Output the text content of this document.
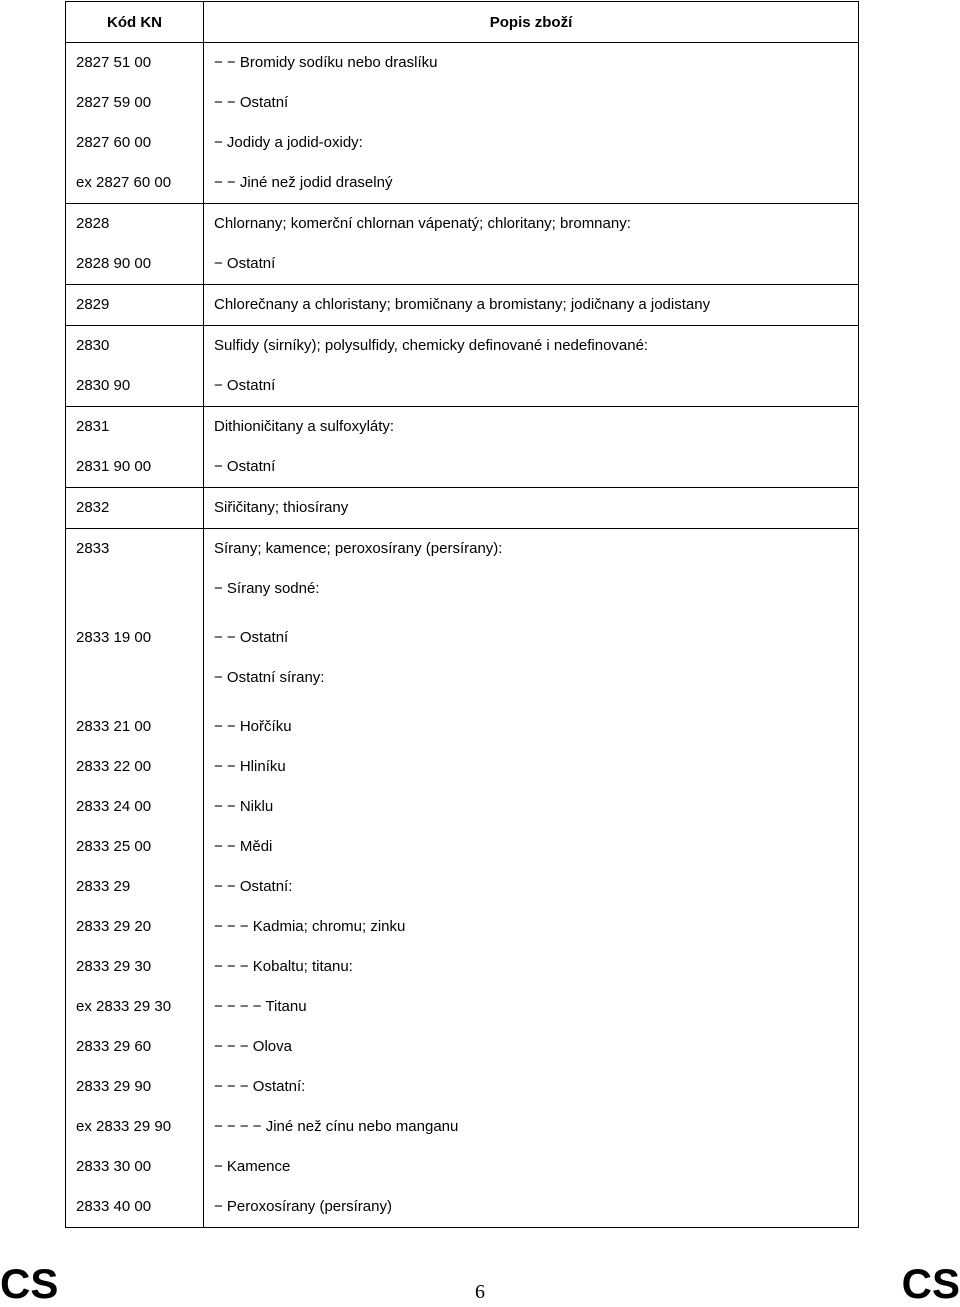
Kód KN	Popis zboží
2827 51 00	− − Bromidy sodíku nebo draslíku
2827 59 00	− − Ostatní
2827 60 00	− Jodidy a jodid-oxidy:
ex 2827 60 00	− − Jiné než jodid draselný
2828	Chlornany; komerční chlornan vápenatý; chloritany; bromnany:
2828 90 00	− Ostatní
2829	Chlorečnany a chloristany; bromičnany a bromistany; jodičnany a jodistany
2830	Sulfidy (sirníky); polysulfidy, chemicky definované i nedefinované:
2830 90	− Ostatní
2831	Dithioničitany a sulfoxyláty:
2831 90 00	− Ostatní
2832	Siřičitany; thiosírany
2833	Sírany; kamence; peroxosírany (persírany):
	− Sírany sodné:
2833 19 00	− − Ostatní
	− Ostatní sírany:
2833 21 00	− − Hořčíku
2833 22 00	− − Hliníku
2833 24 00	− − Niklu
2833 25 00	− − Mědi
2833 29	− − Ostatní:
2833 29 20	− − − Kadmia; chromu; zinku
2833 29 30	− − − Kobaltu; titanu:
ex 2833 29 30	− − − − Titanu
2833 29 60	− − − Olova
2833 29 90	− − − Ostatní:
ex 2833 29 90	− − − − Jiné než cínu nebo manganu
2833 30 00	− Kamence
2833 40 00	− Peroxosírany (persírany)
CS	6	CS
